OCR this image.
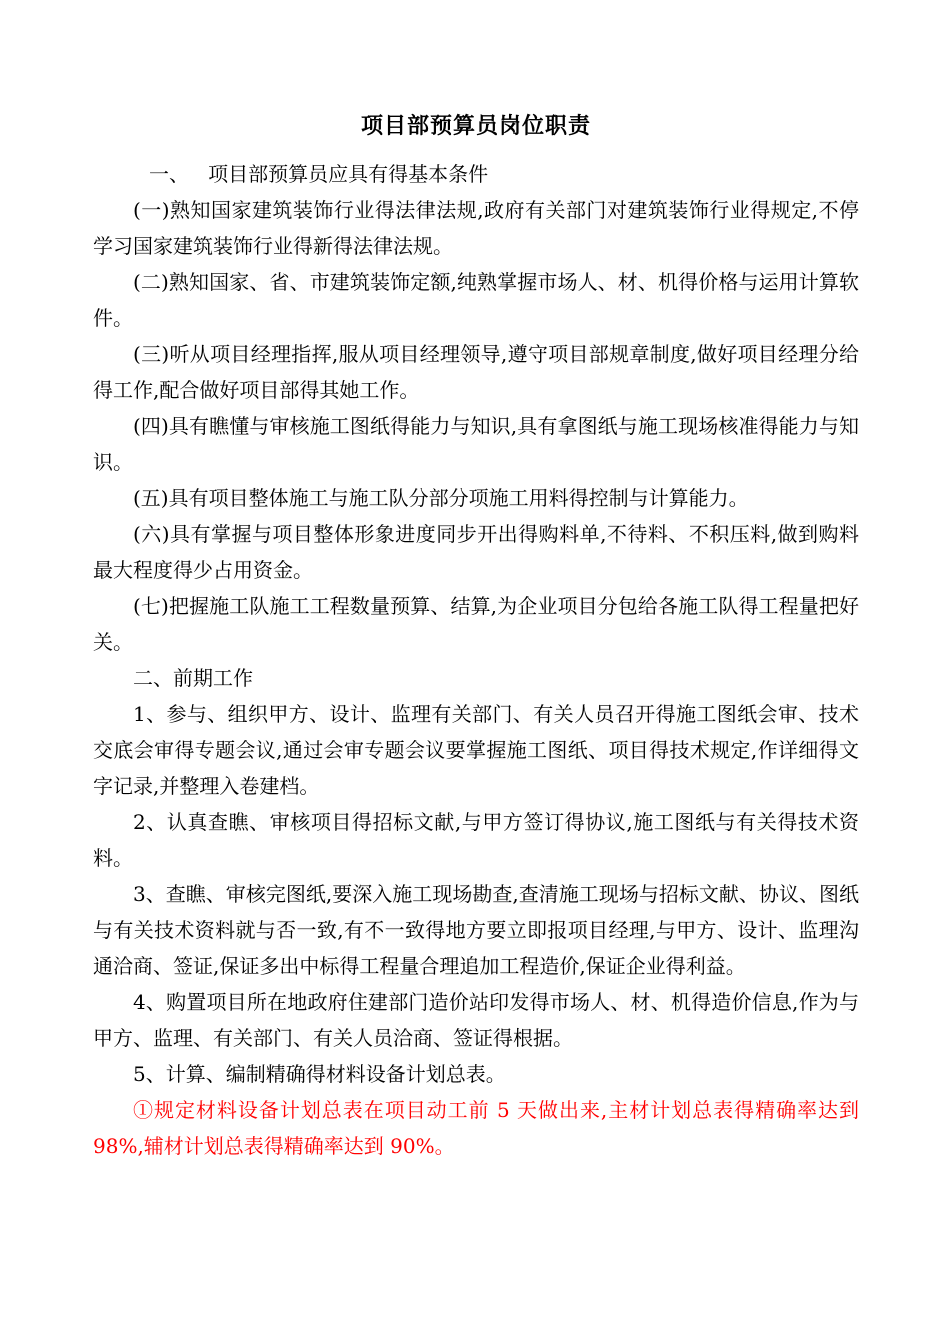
项目部预算员岗位职责

一、   项目部预算员应具有得基本条件

(一)熟知国家建筑装饰行业得法律法规,政府有关部门对建筑装饰行业得规定,不停学习国家建筑装饰行业得新得法律法规。

(二)熟知国家、省、市建筑装饰定额,纯熟掌握市场人、材、机得价格与运用计算软件。

(三)听从项目经理指挥,服从项目经理领导,遵守项目部规章制度,做好项目经理分给得工作,配合做好项目部得其她工作。

(四)具有瞧懂与审核施工图纸得能力与知识,具有拿图纸与施工现场核准得能力与知识。

(五)具有项目整体施工与施工队分部分项施工用料得控制与计算能力。

(六)具有掌握与项目整体形象进度同步开出得购料单,不待料、不积压料,做到购料最大程度得少占用资金。

(七)把握施工队施工工程数量预算、结算,为企业项目分包给各施工队得工程量把好关。

二、前期工作

1、参与、组织甲方、设计、监理有关部门、有关人员召开得施工图纸会审、技术交底会审得专题会议,通过会审专题会议要掌握施工图纸、项目得技术规定,作详细得文字记录,并整理入卷建档。

2、认真查瞧、审核项目得招标文献,与甲方签订得协议,施工图纸与有关得技术资料。

3、查瞧、审核完图纸,要深入施工现场勘查,查清施工现场与招标文献、协议、图纸与有关技术资料就与否一致,有不一致得地方要立即报项目经理,与甲方、设计、监理沟通洽商、签证,保证多出中标得工程量合理追加工程造价,保证企业得利益。

4、购置项目所在地政府住建部门造价站印发得市场人、材、机得造价信息,作为与甲方、监理、有关部门、有关人员洽商、签证得根据。

5、计算、编制精确得材料设备计划总表。

①规定材料设备计划总表在项目动工前 5 天做出来,主材计划总表得精确率达到 98%,辅材计划总表得精确率达到 90%。
